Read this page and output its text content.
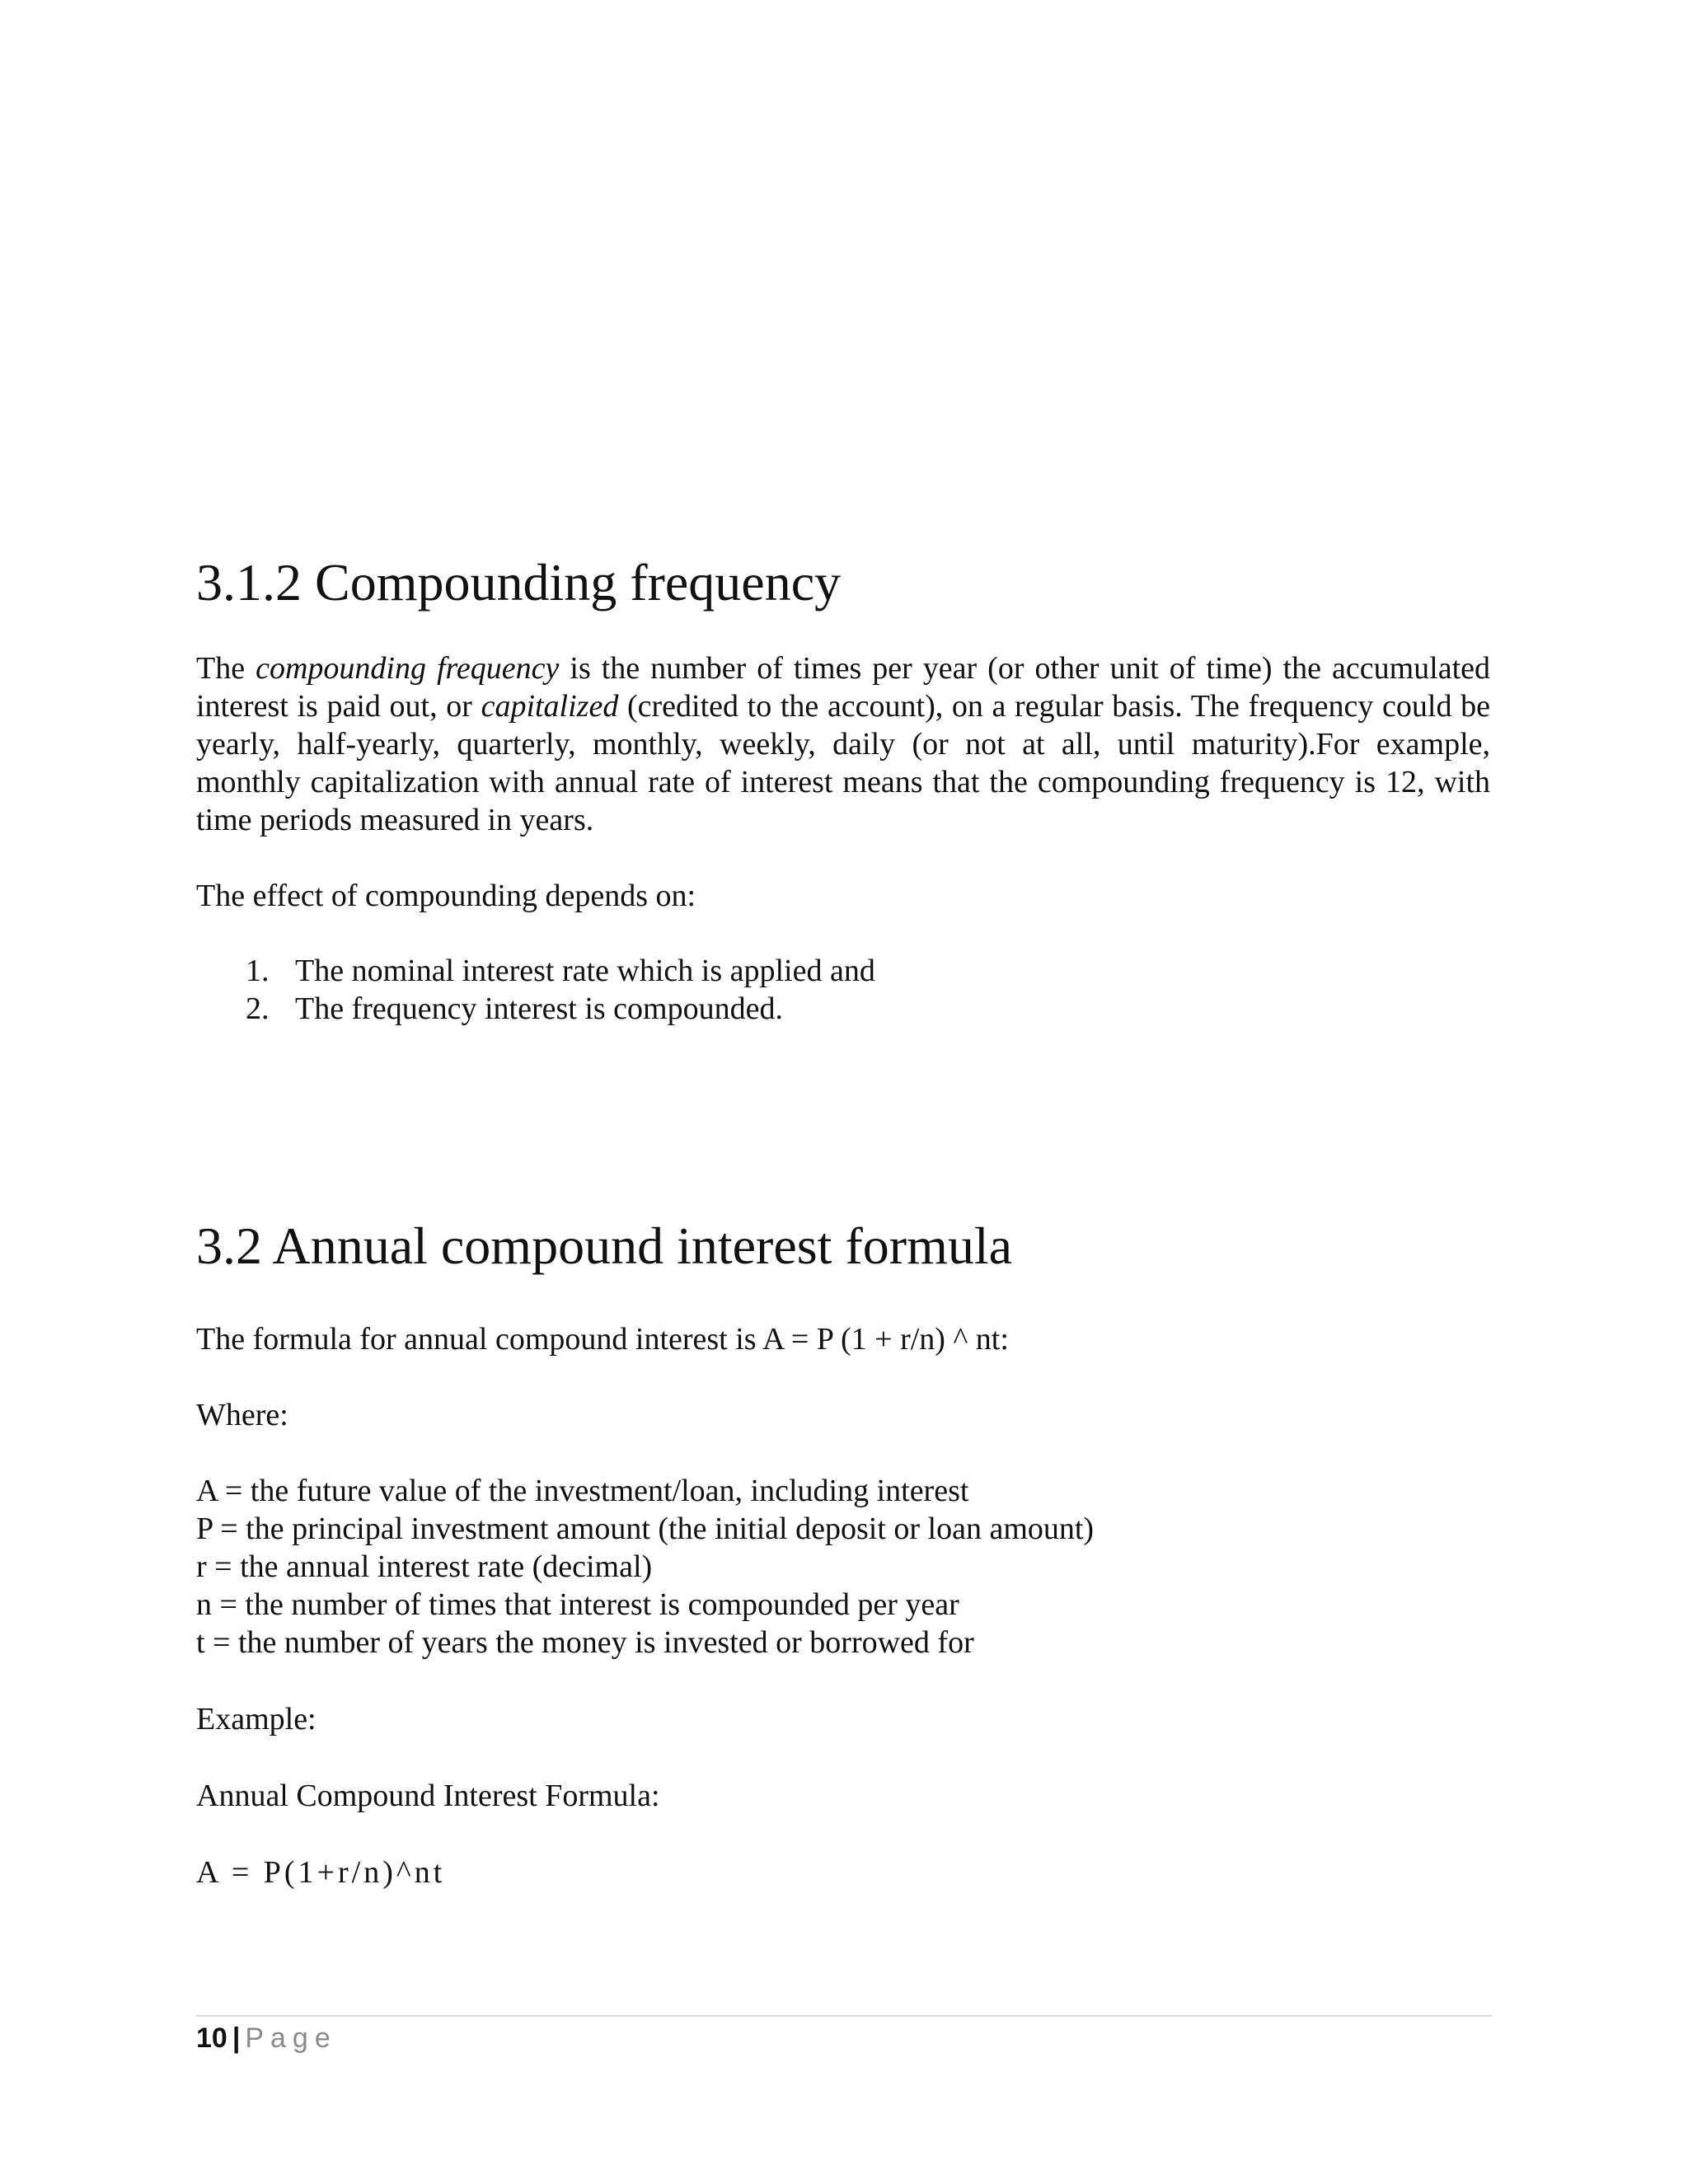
3.1.2 Compounding frequency

The compounding frequency is the number of times per year (or other unit of time) the accumulated interest is paid out, or capitalized (credited to the account), on a regular basis. The frequency could be yearly, half-yearly, quarterly, monthly, weekly, daily (or not at all, until maturity).For example, monthly capitalization with annual rate of interest means that the compounding frequency is 12, with time periods measured in years.

The effect of compounding depends on:

1. The nominal interest rate which is applied and
2. The frequency interest is compounded.
3.2 Annual compound interest formula

The formula for annual compound interest is A = P (1 + r/n) ^ nt:

Where:

A = the future value of the investment/loan, including interest

P = the principal investment amount (the initial deposit or loan amount)

r = the annual interest rate (decimal)

n = the number of times that interest is compounded per year

t = the number of years the money is invested or borrowed for

Example:

Annual Compound Interest Formula:

A = P(1+r/n)^nt

10 | Page
